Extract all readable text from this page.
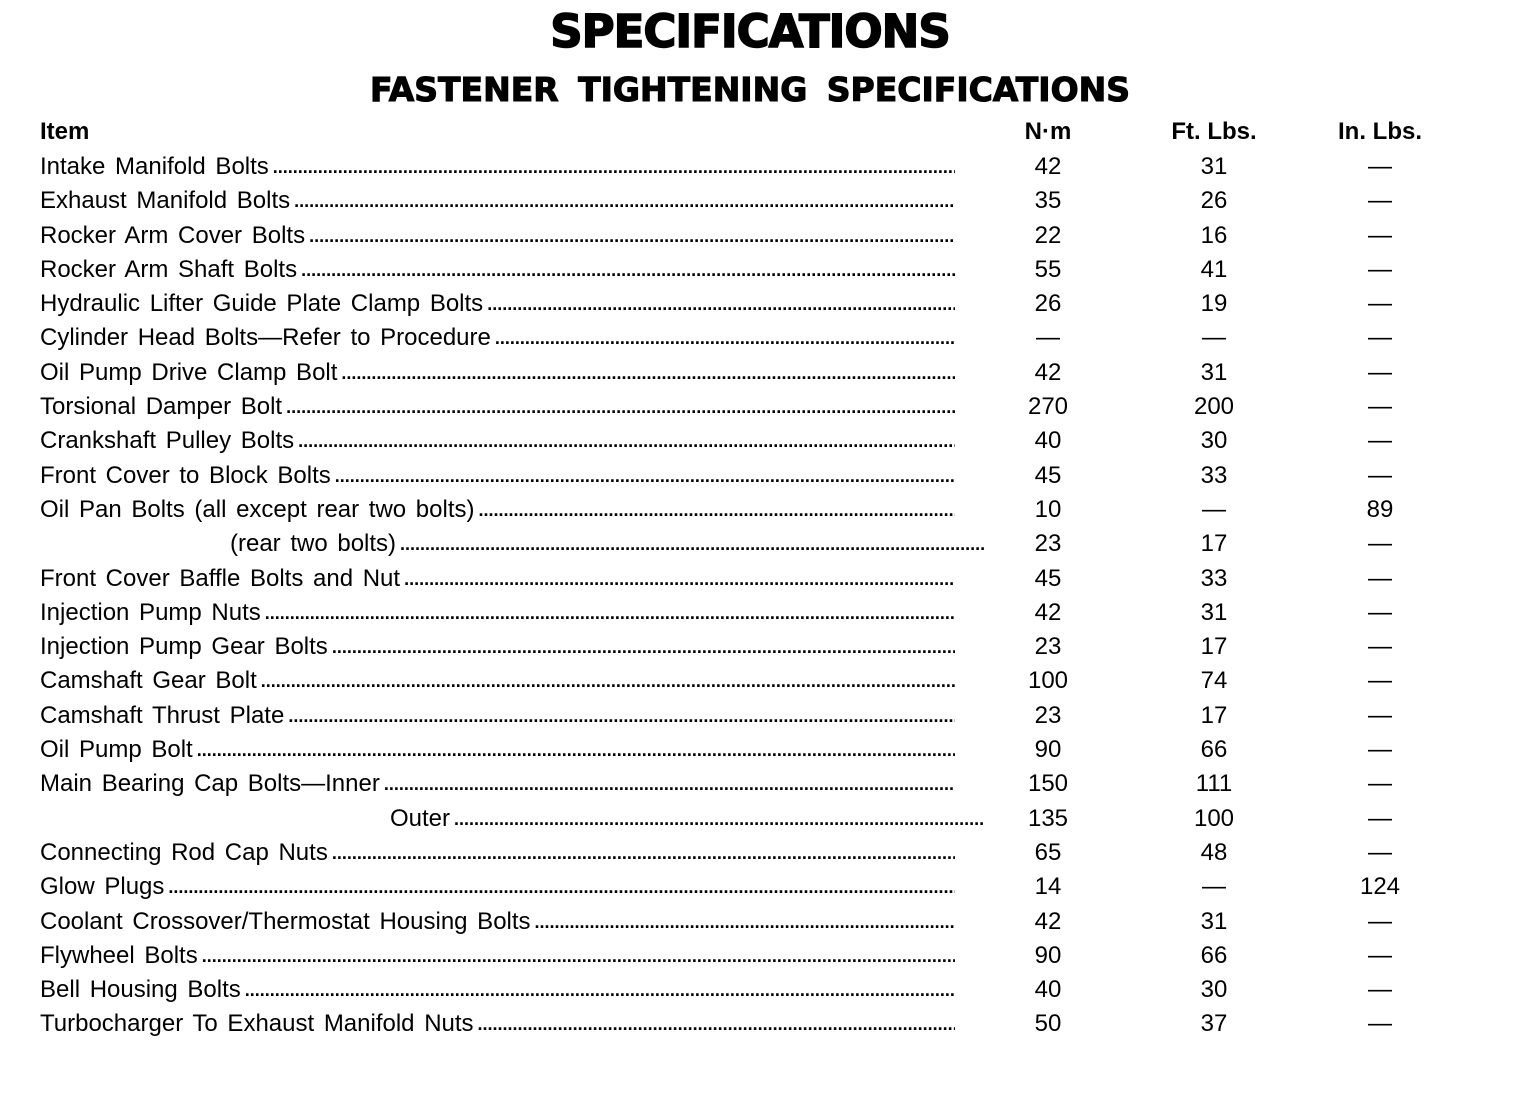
SPECIFICATIONS
FASTENER TIGHTENING SPECIFICATIONS
Item	N·m	Ft. Lbs.	In. Lbs.
Intake Manifold Bolts .....	42	31	—
Exhaust Manifold Bolts .....	35	26	—
Rocker Arm Cover Bolts .....	22	16	—
Rocker Arm Shaft Bolts .....	55	41	—
Hydraulic Lifter Guide Plate Clamp Bolts .....	26	19	—
Cylinder Head Bolts—Refer to Procedure .....	—	—	—
Oil Pump Drive Clamp Bolt .....	42	31	—
Torsional Damper Bolt .....	270	200	—
Crankshaft Pulley Bolts .....	40	30	—
Front Cover to Block Bolts .....	45	33	—
Oil Pan Bolts (all except rear two bolts) .....	10	—	89
(rear two bolts) .....	23	17	—
Front Cover Baffle Bolts and Nut .....	45	33	—
Injection Pump Nuts .....	42	31	—
Injection Pump Gear Bolts .....	23	17	—
Camshaft Gear Bolt .....	100	74	—
Camshaft Thrust Plate .....	23	17	—
Oil Pump Bolt .....	90	66	—
Main Bearing Cap Bolts—Inner .....	150	111	—
Outer .....	135	100	—
Connecting Rod Cap Nuts .....	65	48	—
Glow Plugs .....	14	—	124
Coolant Crossover/Thermostat Housing Bolts .....	42	31	—
Flywheel Bolts .....	90	66	—
Bell Housing Bolts .....	40	30	—
Turbocharger To Exhaust Manifold Nuts .....	50	37	—
